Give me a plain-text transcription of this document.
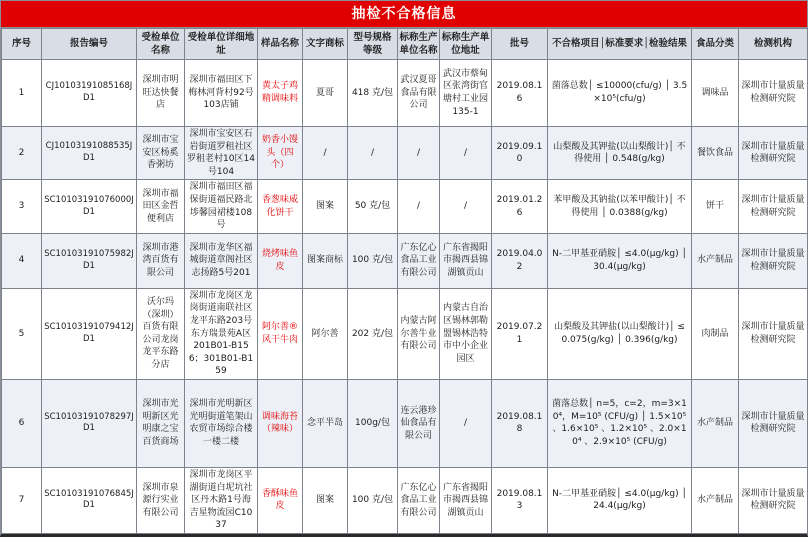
抽检不合格信息
序号	报告编号	受检单位名称	受检单位详细地址	样品名称	文字商标	型号规格等级	标称生产单位名称	标称生产单位地址	批号	不合格项目│标准要求│检验结果	食品分类	检测机构
1	CJ10103191085168JD1	深圳市明旺达快餐店	深圳市福田区下梅林河背村92号103店铺	黄太子鸡精调味料	夏哥	418 克/包	武汉夏哥食品有限公司	武汉市蔡甸区张湾街官塘村工业园135-1	2019.08.16	菌落总数│ ≤10000(cfu/g) │ 3.5×10⁵(cfu/g)	调味品	深圳市计量质量检测研究院
2	CJ10103191088535JD1	深圳市宝安区杨奚香粥坊	深圳市宝安区石岩街道罗租社区罗租老村10区14号104	奶香小馒头（四个）	/	/	/	/	2019.09.10	山梨酸及其钾盐(以山梨酸计)│ 不得使用 │ 0.548(g/kg)	餐饮食品	深圳市计量质量检测研究院
3	SC10103191076000JD1	深圳市福田区金哲便利店	深圳市福田区福保街道福民路北埗馨园裙楼108号	香葱味威化饼干	图案	50 克/包	/	/	2019.01.26	苯甲酸及其钠盐(以苯甲酸计)│ 不得使用 │ 0.0388(g/kg)	饼干	深圳市计量质量检测研究院
4	SC10103191075982JD1	深圳市港湾百货有限公司	深圳市龙华区福城街道章阁社区志扬路5号201	烧烤味鱼皮	图案商标	100 克/包	广东亿心食品工业有限公司	广东省揭阳市揭西县锦湖镇贡山	2019.04.02	N-二甲基亚硝胺│ ≤4.0(μg/kg) │ 30.4(μg/kg)	水产制品	深圳市计量质量检测研究院
5	SC10103191079412JD1	沃尔玛（深圳）百货有限公司龙岗龙平东路分店	深圳市龙岗区龙岗街道南联社区龙平东路203号东方瑞景苑A区 201B01-B156；301B01-B159	阿尔善®风干牛肉	阿尔善	202 克/包	内蒙古阿尔善牛业有限公司	内蒙古自治区锡林郭勒盟锡林浩特市中小企业园区	2019.07.21	山梨酸及其钾盐(以山梨酸计)│ ≤0.075(g/kg) │ 0.396(g/kg)	肉制品	深圳市计量质量检测研究院
6	SC10103191078297JD1	深圳市光明新区光明康之宝百货商场	深圳市光明新区光明街道笔架山农贸市场综合楼一楼二楼	调味海苔（辣味）	念平半岛	100g/包	连云港珍仙食品有限公司	/	2019.08.18	菌落总数│ n=5，c=2，m=3×10⁴，M=10⁵ (CFU/g) │ 1.5×10⁵ 、1.6×10⁵ 、1.2×10⁵ 、2.0×10⁴ 、2.9×10⁵ (CFU/g)	水产制品	深圳市计量质量检测研究院
7	SC10103191076845JD1	深圳市泉源行实业有限公司	深圳市龙岗区平湖街道白坭坑社区丹木路1号海吉星物流园C1037	香酥味鱼皮	图案	100 克/包	广东亿心食品工业有限公司	广东省揭阳市揭西县锦湖镇贡山	2019.08.13	N-二甲基亚硝胺│ ≤4.0(μg/kg) │ 24.4(μg/kg)	水产制品	深圳市计量质量检测研究院
